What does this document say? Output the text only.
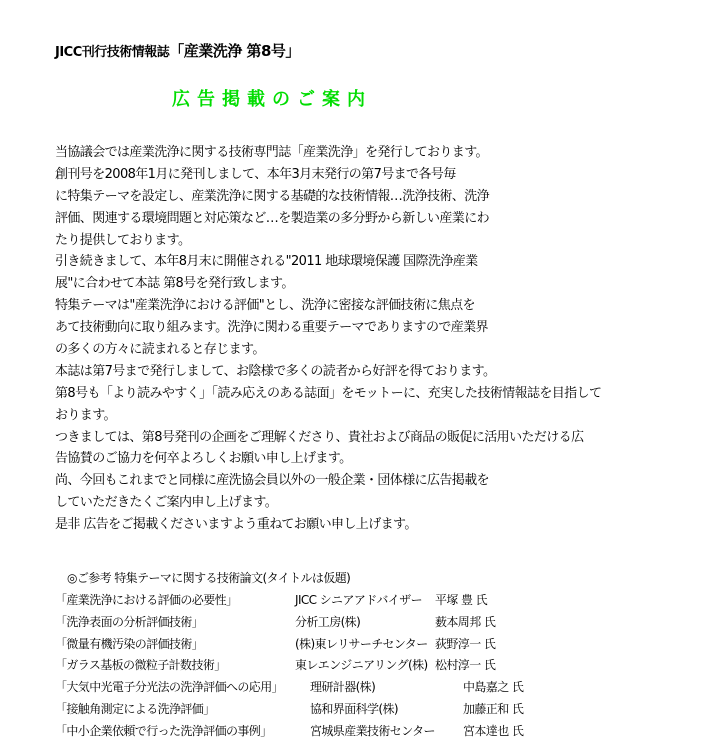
JICC刊行技術情報誌「産業洗浄 第8号」
広告掲載のご案内
当協議会では産業洗浄に関する技術専門誌「産業洗浄」を発行しております。
創刊号を2008年1月に発刊しまして、本年3月末発行の第7号まで各号毎
に特集テーマを設定し、産業洗浄に関する基礎的な技術情報…洗浄技術、洗浄
評価、関連する環境問題と対応策など…を製造業の多分野から新しい産業にわ
たり提供しております。
引き続きまして、本年8月末に開催される"2011 地球環境保護 国際洗浄産業
展"に合わせて本誌 第8号を発行致します。
特集テーマは"産業洗浄における評価"とし、洗浄に密接な評価技術に焦点を
あて技術動向に取り組みます。洗浄に関わる重要テーマでありますので産業界
の多くの方々に読まれると存じます。
本誌は第7号まで発行しまして、お陰様で多くの読者から好評を得ております。
第8号も「より読みやすく」「読み応えのある誌面」をモットーに、充実した技術情報誌を目指して
おります。
つきましては、第8号発刊の企画をご理解くださり、貴社および商品の販促に活用いただける広
告協賛のご協力を何卒よろしくお願い申し上げます。
尚、今回もこれまでと同様に産洗協会員以外の一般企業・団体様に広告掲載を
していただきたくご案内申し上げます。
是非 広告をご掲載くださいますよう重ねてお願い申し上げます。
◎ご参考 特集テーマに関する技術論文(タイトルは仮題)
「産業洗浄における評価の必要性」	JICC シニアアドバイザー 平塚 豊 氏
「洗浄表面の分析評価技術」	分析工房(株)	薮本周邦 氏
「微量有機汚染の評価技術」	(株)東レリサーチセンター 荻野淳一 氏
「ガラス基板の微粒子計数技術」	東レエンジニアリング(株) 松村淳一 氏
「大気中光電子分光法の洗浄評価への応用」 理研計器(株)	中島嘉之 氏
「接触角測定による洗浄評価」	協和界面科学(株)	加藤正和 氏
「中小企業依頼で行った洗浄評価の事例」	宮城県産業技術センター 宮本達也 氏
